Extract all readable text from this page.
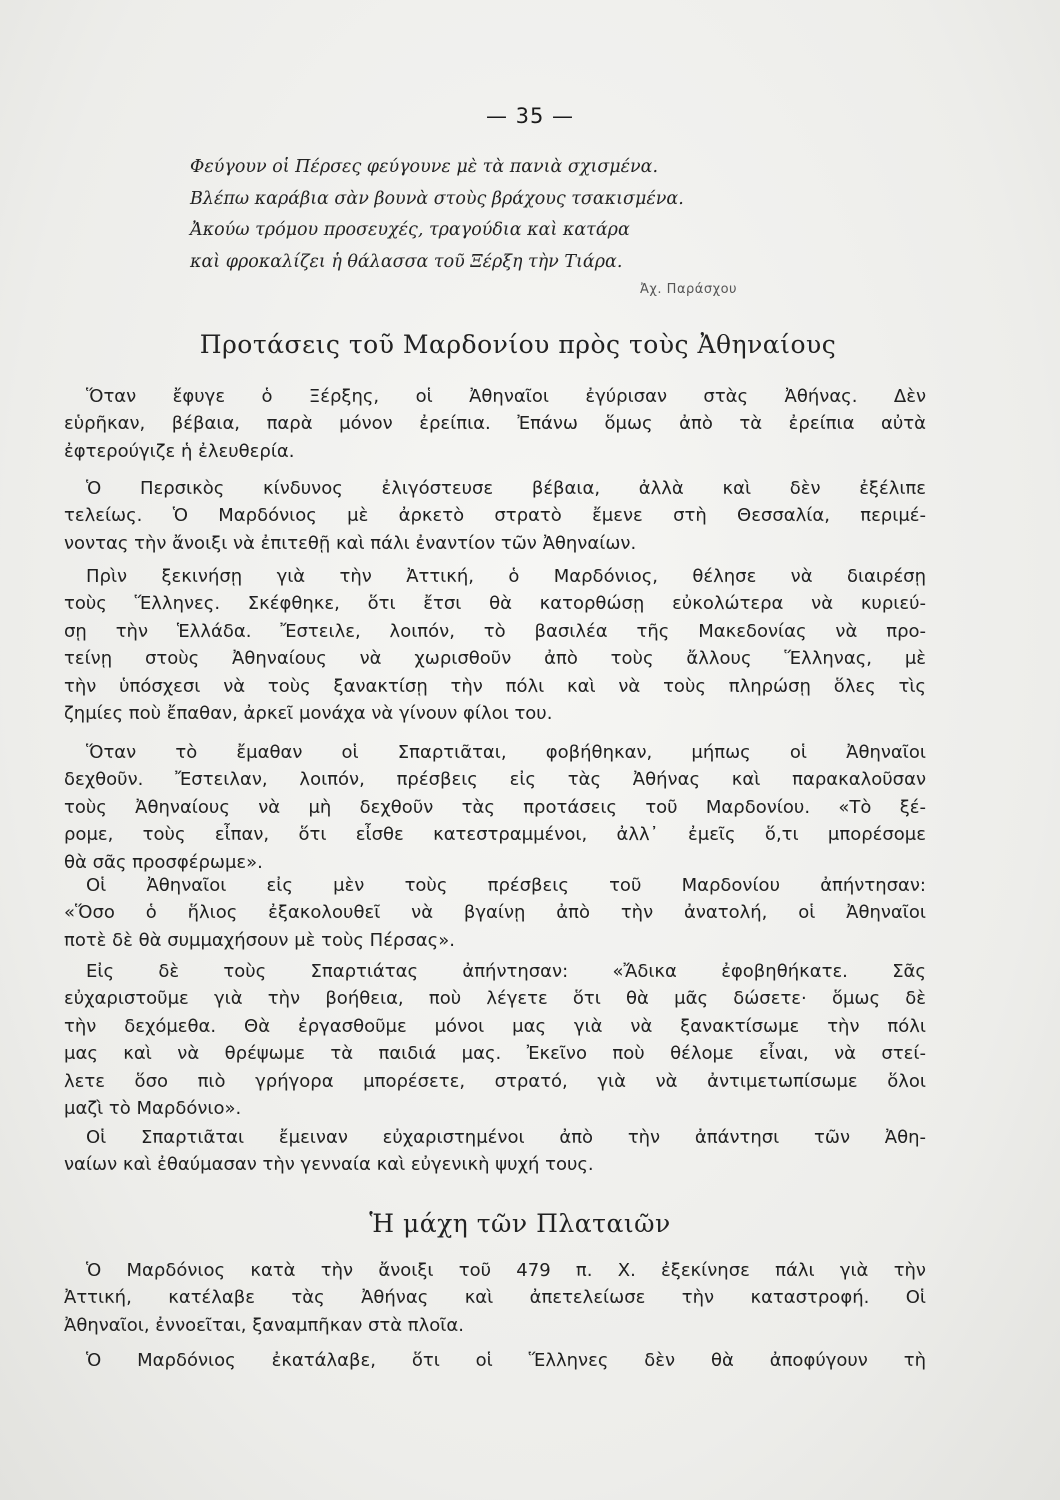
— 35 —
Φεύγουν οἱ Πέρσες φεύγουνε μὲ τὰ πανιὰ σχισμένα.
Βλέπω καράβια σὰν βουνὰ στοὺς βράχους τσακισμένα.
Ἀκούω τρόμου προσευχές, τραγούδια καὶ κατάρα
καὶ φροκαλίζει ἡ θάλασσα τοῦ Ξέρξη τὴν Τιάρα.
Ἀχ. Παράσχου
Προτάσεις τοῦ Μαρδονίου πρὸς τοὺς Ἀθηναίους
Ὅταν ἔφυγε ὁ Ξέρξης, οἱ Ἀθηναῖοι ἐγύρισαν στὰς Ἀθήνας. Δὲν
εὑρῆκαν, βέβαια, παρὰ μόνον ἐρείπια. Ἐπάνω ὅμως ἀπὸ τὰ ἐρείπια αὐτὰ
ἐφτερούγιζε ἡ ἐλευθερία.
Ὁ Περσικὸς κίνδυνος ἐλιγόστευσε βέβαια, ἀλλὰ καὶ δὲν ἐξέλιπε
τελείως. Ὁ Μαρδόνιος μὲ ἀρκετὸ στρατὸ ἔμενε στὴ Θεσσαλία, περιμέ-
νοντας τὴν ἄνοιξι νὰ ἐπιτεθῇ καὶ πάλι ἐναντίον τῶν Ἀθηναίων.
Πρὶν ξεκινήσῃ γιὰ τὴν Ἀττική, ὁ Μαρδόνιος, θέλησε νὰ διαιρέσῃ
τοὺς Ἕλληνες. Σκέφθηκε, ὅτι ἔτσι θὰ κατορθώσῃ εὐκολώτερα νὰ κυριεύ-
σῃ τὴν Ἑλλάδα. Ἔστειλε, λοιπόν, τὸ βασιλέα τῆς Μακεδονίας νὰ προ-
τείνῃ στοὺς Ἀθηναίους νὰ χωρισθοῦν ἀπὸ τοὺς ἄλλους Ἕλληνας, μὲ
τὴν ὑπόσχεσι νὰ τοὺς ξανακτίσῃ τὴν πόλι καὶ νὰ τοὺς πληρώσῃ ὅλες τὶς
ζημίες ποὺ ἔπαθαν, ἀρκεῖ μονάχα νὰ γίνουν φίλοι του.
Ὅταν τὸ ἔμαθαν οἱ Σπαρτιᾶται, φοβήθηκαν, μήπως οἱ Ἀθηναῖοι
δεχθοῦν. Ἔστειλαν, λοιπόν, πρέσβεις εἰς τὰς Ἀθήνας καὶ παρακαλοῦσαν
τοὺς Ἀθηναίους νὰ μὴ δεχθοῦν τὰς προτάσεις τοῦ Μαρδονίου. «Τὸ ξέ-
ρομε, τοὺς εἶπαν, ὅτι εἶσθε κατεστραμμένοι, ἀλλ᾽ ἐμεῖς ὅ,τι μπορέσομε
θὰ σᾶς προσφέρωμε».
Οἱ Ἀθηναῖοι εἰς μὲν τοὺς πρέσβεις τοῦ Μαρδονίου ἀπήντησαν:
«Ὅσο ὁ ἥλιος ἐξακολουθεῖ νὰ βγαίνῃ ἀπὸ τὴν ἀνατολή, οἱ Ἀθηναῖοι
ποτὲ δὲ θὰ συμμαχήσουν μὲ τοὺς Πέρσας».
Εἰς δὲ τοὺς Σπαρτιάτας ἀπήντησαν: «Ἄδικα ἐφοβηθήκατε. Σᾶς
εὐχαριστοῦμε γιὰ τὴν βοήθεια, ποὺ λέγετε ὅτι θὰ μᾶς δώσετε· ὅμως δὲ
τὴν δεχόμεθα. Θὰ ἐργασθοῦμε μόνοι μας γιὰ νὰ ξανακτίσωμε τὴν πόλι
μας καὶ νὰ θρέψωμε τὰ παιδιά μας. Ἐκεῖνο ποὺ θέλομε εἶναι, νὰ στεί-
λετε ὅσο πιὸ γρήγορα μπορέσετε, στρατό, γιὰ νὰ ἀντιμετωπίσωμε ὅλοι
μαζὶ τὸ Μαρδόνιο».
Οἱ Σπαρτιᾶται ἔμειναν εὐχαριστημένοι ἀπὸ τὴν ἀπάντησι τῶν Ἀθη-
ναίων καὶ ἐθαύμασαν τὴν γενναία καὶ εὐγενικὴ ψυχή τους.
Ἡ μάχη τῶν Πλαταιῶν
Ὁ Μαρδόνιος κατὰ τὴν ἄνοιξι τοῦ 479 π. Χ. ἐξεκίνησε πάλι γιὰ τὴν
Ἀττική, κατέλαβε τὰς Ἀθήνας καὶ ἀπετελείωσε τὴν καταστροφή. Οἱ
Ἀθηναῖοι, ἐννοεῖται, ξαναμπῆκαν στὰ πλοῖα.
Ὁ Μαρδόνιος ἐκατάλαβε, ὅτι οἱ Ἕλληνες δὲν θὰ ἀποφύγουν τὴ
